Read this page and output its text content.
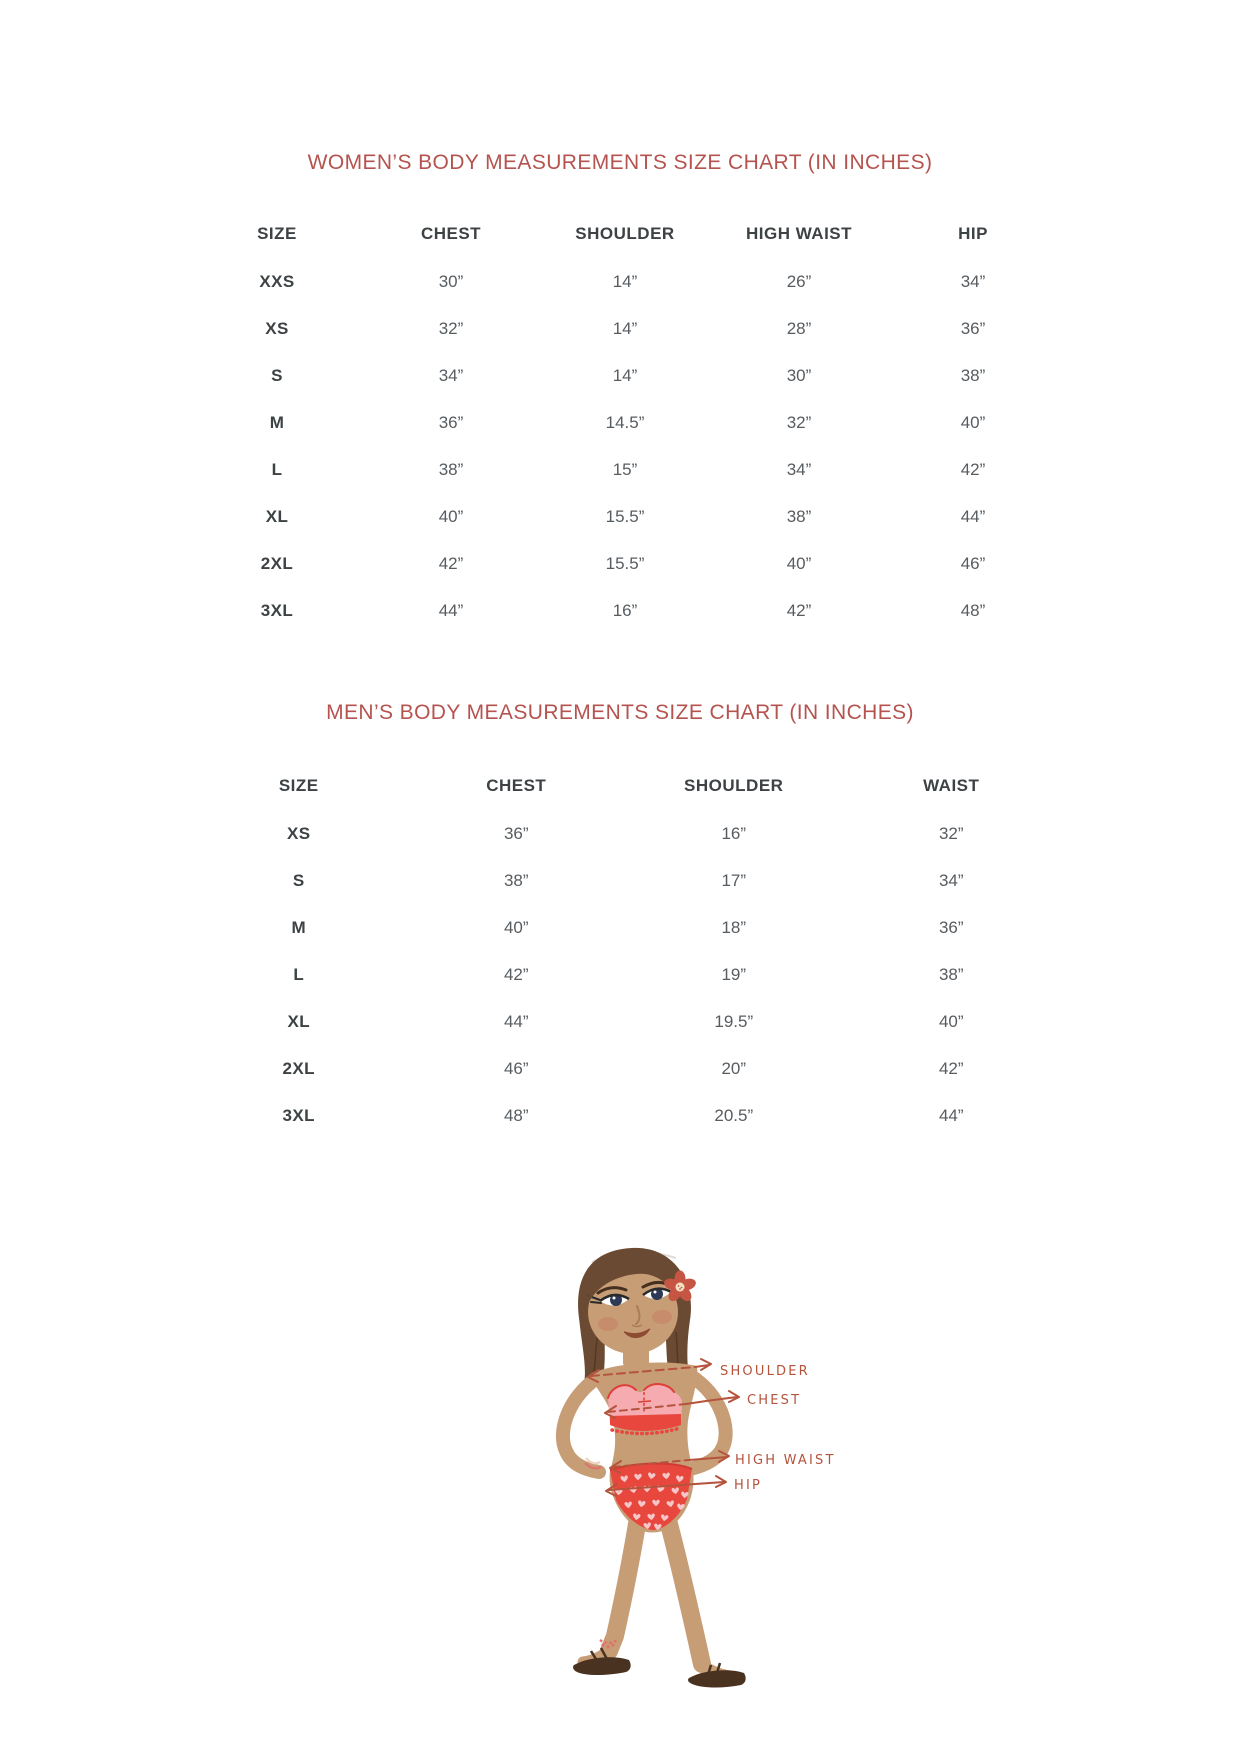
WOMEN’S BODY MEASUREMENTS SIZE CHART (IN INCHES)
SIZE	CHEST	SHOULDER	HIGH WAIST	HIP
XXS	30”	14”	26”	34”
XS	32”	14”	28”	36”
S	34”	14”	30”	38”
M	36”	14.5”	32”	40”
L	38”	15”	34”	42”
XL	40”	15.5”	38”	44”
2XL	42”	15.5”	40”	46”
3XL	44”	16”	42”	48”
MEN’S BODY MEASUREMENTS SIZE CHART (IN INCHES)
SIZE	CHEST	SHOULDER	WAIST
XS	36”	16”	32”
S	38”	17”	34”
M	40”	18”	36”
L	42”	19”	38”
XL	44”	19.5”	40”
2XL	46”	20”	42”
3XL	48”	20.5”	44”
SHOULDER
CHEST
HIGH WAIST
HIP
